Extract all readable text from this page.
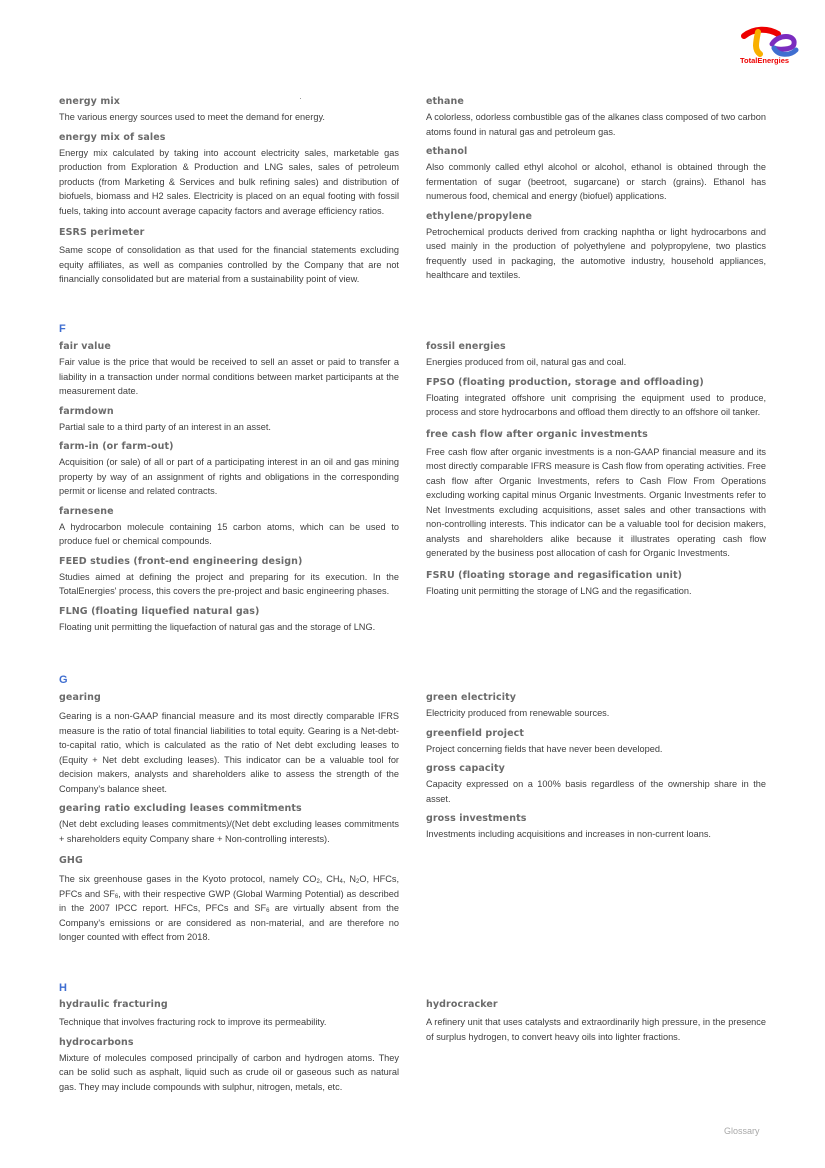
TotalEnergies
energy mix
The various energy sources used to meet the demand for energy.
energy mix of sales
Energy mix calculated by taking into account electricity sales, marketable gas production from Exploration & Production and LNG sales, sales of petroleum products (from Marketing & Services and bulk refining sales) and distribution of biofuels, biomass and H2 sales. Electricity is placed on an equal footing with fossil fuels, taking into account average capacity factors and average efficiency ratios.
ESRS perimeter
Same scope of consolidation as that used for the financial statements excluding equity affiliates, as well as companies controlled by the Company that are not financially consolidated but are material from a sustainability point of view.
ethane
A colorless, odorless combustible gas of the alkanes class composed of two carbon atoms found in natural gas and petroleum gas.
ethanol
Also commonly called ethyl alcohol or alcohol, ethanol is obtained through the fermentation of sugar (beetroot, sugarcane) or starch (grains). Ethanol has numerous food, chemical and energy (biofuel) applications.
ethylene/propylene
Petrochemical products derived from cracking naphtha or light hydrocarbons and used mainly in the production of polyethylene and polypropylene, two plastics frequently used in packaging, the automotive industry, household appliances, healthcare and textiles.
F
fair value
Fair value is the price that would be received to sell an asset or paid to transfer a liability in a transaction under normal conditions between market participants at the measurement date.
farmdown
Partial sale to a third party of an interest in an asset.
farm-in (or farm-out)
Acquisition (or sale) of all or part of a participating interest in an oil and gas mining property by way of an assignment of rights and obligations in the corresponding permit or license and related contracts.
farnesene
A hydrocarbon molecule containing 15 carbon atoms, which can be used to produce fuel or chemical compounds.
FEED studies (front-end engineering design)
Studies aimed at defining the project and preparing for its execution. In the TotalEnergies' process, this covers the pre-project and basic engineering phases.
FLNG (floating liquefied natural gas)
Floating unit permitting the liquefaction of natural gas and the storage of LNG.
fossil energies
Energies produced from oil, natural gas and coal.
FPSO (floating production, storage and offloading)
Floating integrated offshore unit comprising the equipment used to produce, process and store hydrocarbons and offload them directly to an offshore oil tanker.
free cash flow after organic investments
Free cash flow after organic investments is a non-GAAP financial measure and its most directly comparable IFRS measure is Cash flow from operating activities. Free cash flow after Organic Investments, refers to Cash Flow From Operations excluding working capital minus Organic Investments. Organic Investments refer to Net Investments excluding acquisitions, asset sales and other transactions with non-controlling interests. This indicator can be a valuable tool for decision makers, analysts and shareholders alike because it illustrates operating cash flow generated by the business post allocation of cash for Organic Investments.
FSRU (floating storage and regasification unit)
Floating unit permitting the storage of LNG and the regasification.
G
gearing
Gearing is a non-GAAP financial measure and its most directly comparable IFRS measure is the ratio of total financial liabilities to total equity. Gearing is a Net-debt-to-capital ratio, which is calculated as the ratio of Net debt excluding leases to (Equity + Net debt excluding leases). This indicator can be a valuable tool for decision makers, analysts and shareholders alike to assess the strength of the Company's balance sheet.
gearing ratio excluding leases commitments
(Net debt excluding leases commitments)/(Net debt excluding leases commitments + shareholders equity Company share + Non-controlling interests).
GHG
The six greenhouse gases in the Kyoto protocol, namely $CO_2$, $CH_4$, $N_2O$, HFCs, PFCs and $SF_6$, with their respective GWP (Global Warming Potential) as described in the 2007 IPCC report. HFCs, PFCs and $SF_6$ are virtually absent from the Company's emissions or are considered as non-material, and are therefore no longer counted with effect from 2018.
green electricity
Electricity produced from renewable sources.
greenfield project
Project concerning fields that have never been developed.
gross capacity
Capacity expressed on a 100% basis regardless of the ownership share in the asset.
gross investments
Investments including acquisitions and increases in non-current loans.
H
hydraulic fracturing
Technique that involves fracturing rock to improve its permeability.
hydrocarbons
Mixture of molecules composed principally of carbon and hydrogen atoms. They can be solid such as asphalt, liquid such as crude oil or gaseous such as natural gas. They may include compounds with sulphur, nitrogen, metals, etc.
hydrocracker
A refinery unit that uses catalysts and extraordinarily high pressure, in the presence of surplus hydrogen, to convert heavy oils into lighter fractions.
Glossary
